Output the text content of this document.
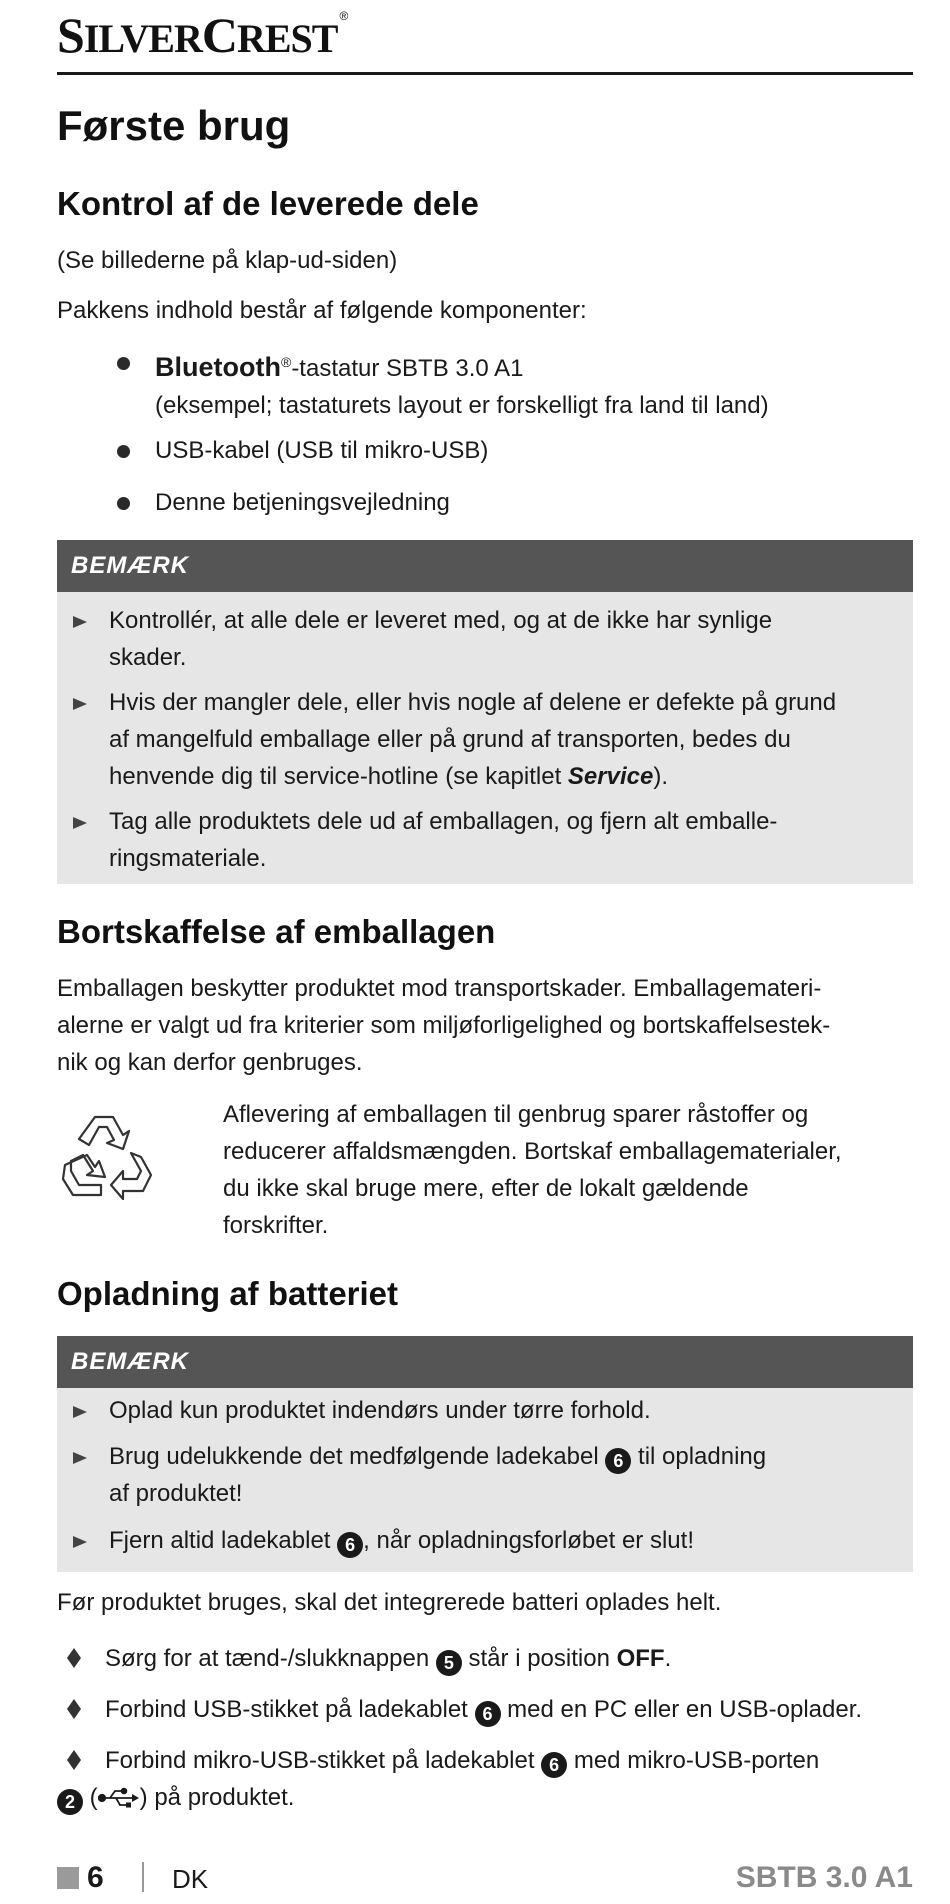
SILVERCREST ®
Første brug
Kontrol af de leverede dele
(Se billederne på klap-ud-siden)
Pakkens indhold består af følgende komponenter:
Bluetooth®-tastatur SBTB 3.0 A1
(eksempel; tastaturets layout er forskelligt fra land til land)
USB-kabel (USB til mikro-USB)
Denne betjeningsvejledning
BEMÆRK
Kontrollér, at alle dele er leveret med, og at de ikke har synlige
skader.
Hvis der mangler dele, eller hvis nogle af delene er defekte på grund
af mangelfuld emballage eller på grund af transporten, bedes du
henvende dig til service-hotline (se kapitlet Service).
Tag alle produktets dele ud af emballagen, og fjern alt emballe-
ringsmateriale.
Bortskaffelse af emballagen
Emballagen beskytter produktet mod transportskader. Emballagemateri-
alerne er valgt ud fra kriterier som miljøforligelighed og bortskaffelsestek-
nik og kan derfor genbruges.
Aflevering af emballagen til genbrug sparer råstoffer og
reducerer affaldsmængden. Bortskaf emballagematerialer,
du ikke skal bruge mere, efter de lokalt gældende
forskrifter.
Opladning af batteriet
BEMÆRK
Oplad kun produktet indendørs under tørre forhold.
Brug udelukkende det medfølgende ladekabel 6 til opladning
af produktet!
Fjern altid ladekablet 6 , når opladningsforløbet er slut!
Før produktet bruges, skal det integrerede batteri oplades helt.
Sørg for at tænd-/slukknappen 5 står i position OFF.
Forbind USB-stikket på ladekablet 6 med en PC eller en USB-oplader.
Forbind mikro-USB-stikket på ladekablet 6 med mikro-USB-porten
2 ( ) på produktet.
6	DK	SBTB 3.0 A1
